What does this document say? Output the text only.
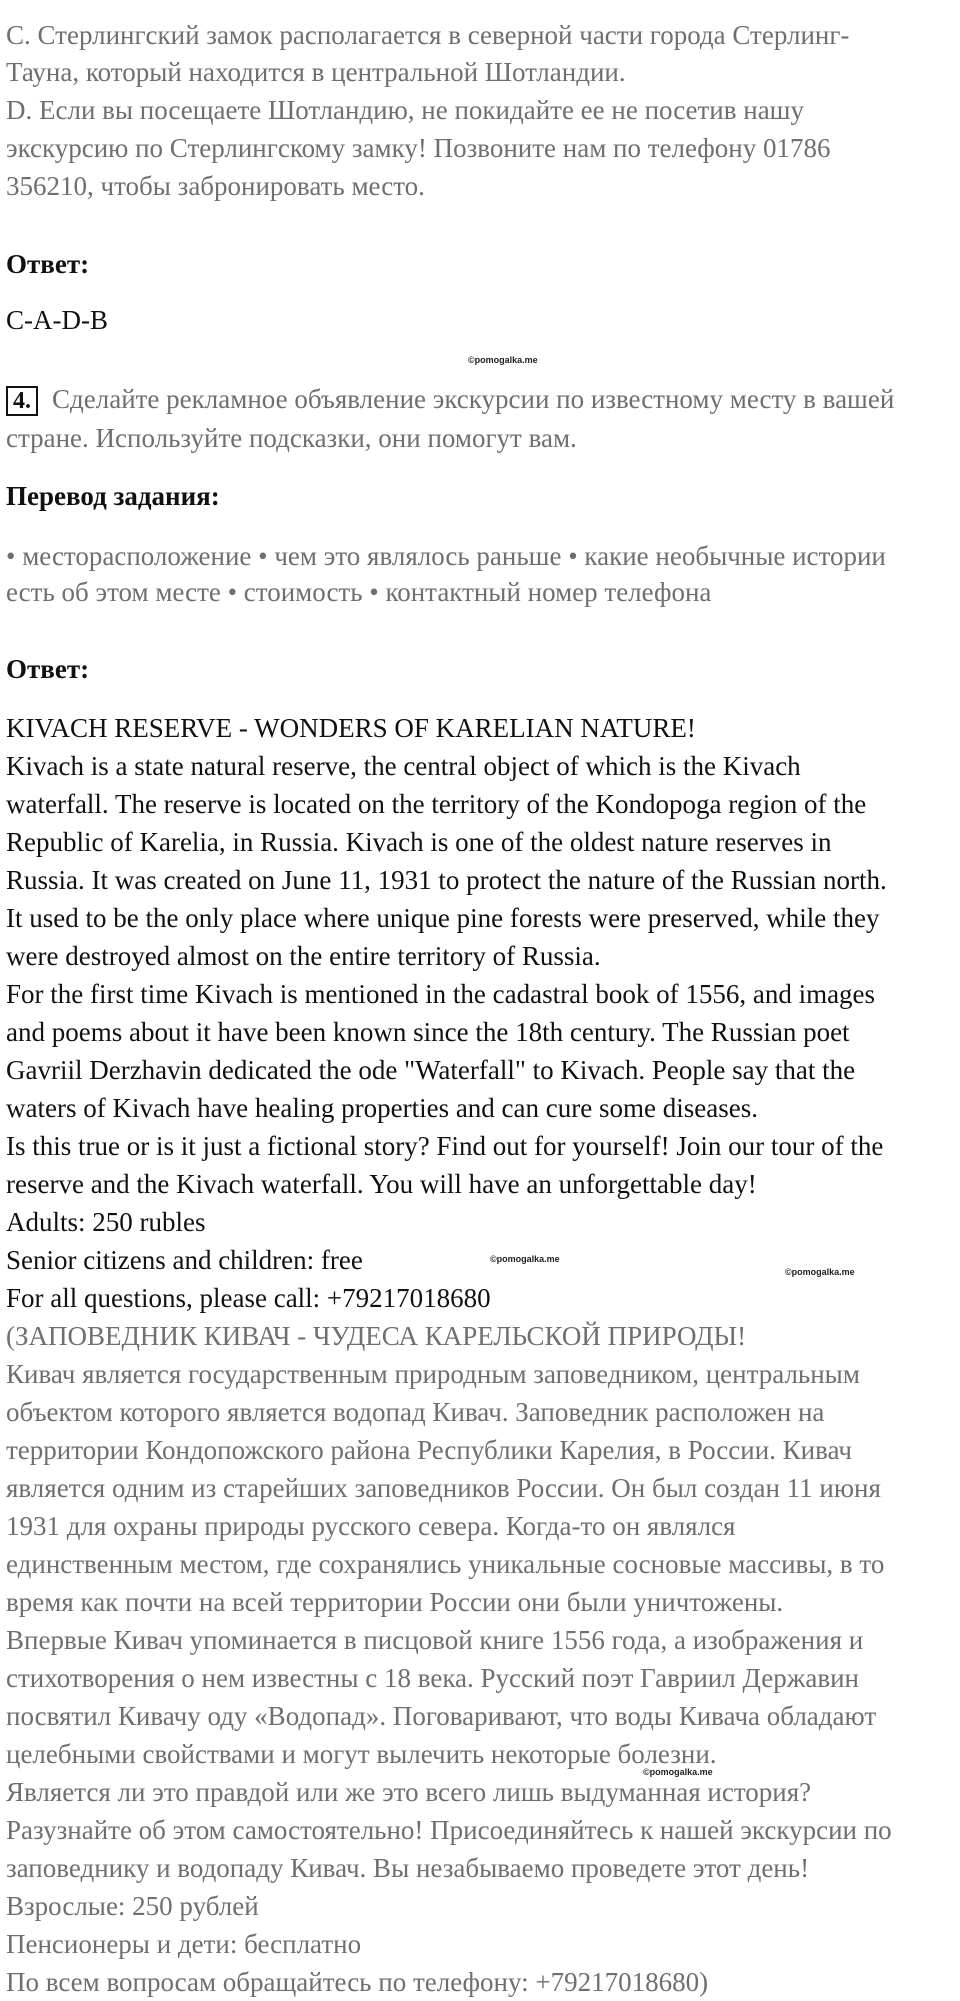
C. Стерлингский замок располагается в северной части города Стерлинг-

Тауна, который находится в центральной Шотландии.

D. Если вы посещаете Шотландию, не покидайте ее не посетив нашу

экскурсию по Стерлингскому замку! Позвоните нам по телефону 01786

356210, чтобы забронировать место.

Ответ:

C-A-D-B

©pomogalka.me

4. Сделайте рекламное объявление экскурсии по известному месту в вашей

стране. Используйте подсказки, они помогут вам.

Перевод задания:

• месторасположение • чем это являлось раньше • какие необычные истории

есть об этом месте • стоимость • контактный номер телефона

Ответ:

KIVACH RESERVE - WONDERS OF KARELIAN NATURE!

Kivach is a state natural reserve, the central object of which is the Kivach

waterfall. The reserve is located on the territory of the Kondopoga region of the

Republic of Karelia, in Russia. Kivach is one of the oldest nature reserves in

Russia. It was created on June 11, 1931 to protect the nature of the Russian north.

It used to be the only place where unique pine forests were preserved, while they

were destroyed almost on the entire territory of Russia.

For the first time Kivach is mentioned in the cadastral book of 1556, and images

and poems about it have been known since the 18th century. The Russian poet

Gavriil Derzhavin dedicated the ode "Waterfall" to Kivach. People say that the

waters of Kivach have healing properties and can cure some diseases.

Is this true or is it just a fictional story? Find out for yourself! Join our tour of the

reserve and the Kivach waterfall. You will have an unforgettable day!

Adults: 250 rubles

Senior citizens and children: free

For all questions, please call: +79217018680

©pomogalka.me
©pomogalka.me

(ЗАПОВЕДНИК КИВАЧ - ЧУДЕСА КАРЕЛЬСКОЙ ПРИРОДЫ!

Кивач является государственным природным заповедником, центральным

объектом которого является водопад Кивач. Заповедник расположен на

территории Кондопожского района Республики Карелия, в России. Кивач

является одним из старейших заповедников России. Он был создан 11 июня

1931 для охраны природы русского севера. Когда-то он являлся

единственным местом, где сохранялись уникальные сосновые массивы, в то

время как почти на всей территории России они были уничтожены.

Впервые Кивач упоминается в писцовой книге 1556 года, а изображения и

стихотворения о нем известны с 18 века. Русский поэт Гавриил Державин

посвятил Кивачу оду «Водопад». Поговаривают, что воды Кивача обладают

целебными свойствами и могут вылечить некоторые болезни.

Является ли это правдой или же это всего лишь выдуманная история?

Разузнайте об этом самостоятельно! Присоединяйтесь к нашей экскурсии по

заповеднику и водопаду Кивач. Вы незабываемо проведете этот день!

Взрослые: 250 рублей

Пенсионеры и дети: бесплатно

По всем вопросам обращайтесь по телефону: +79217018680)

©pomogalka.me
